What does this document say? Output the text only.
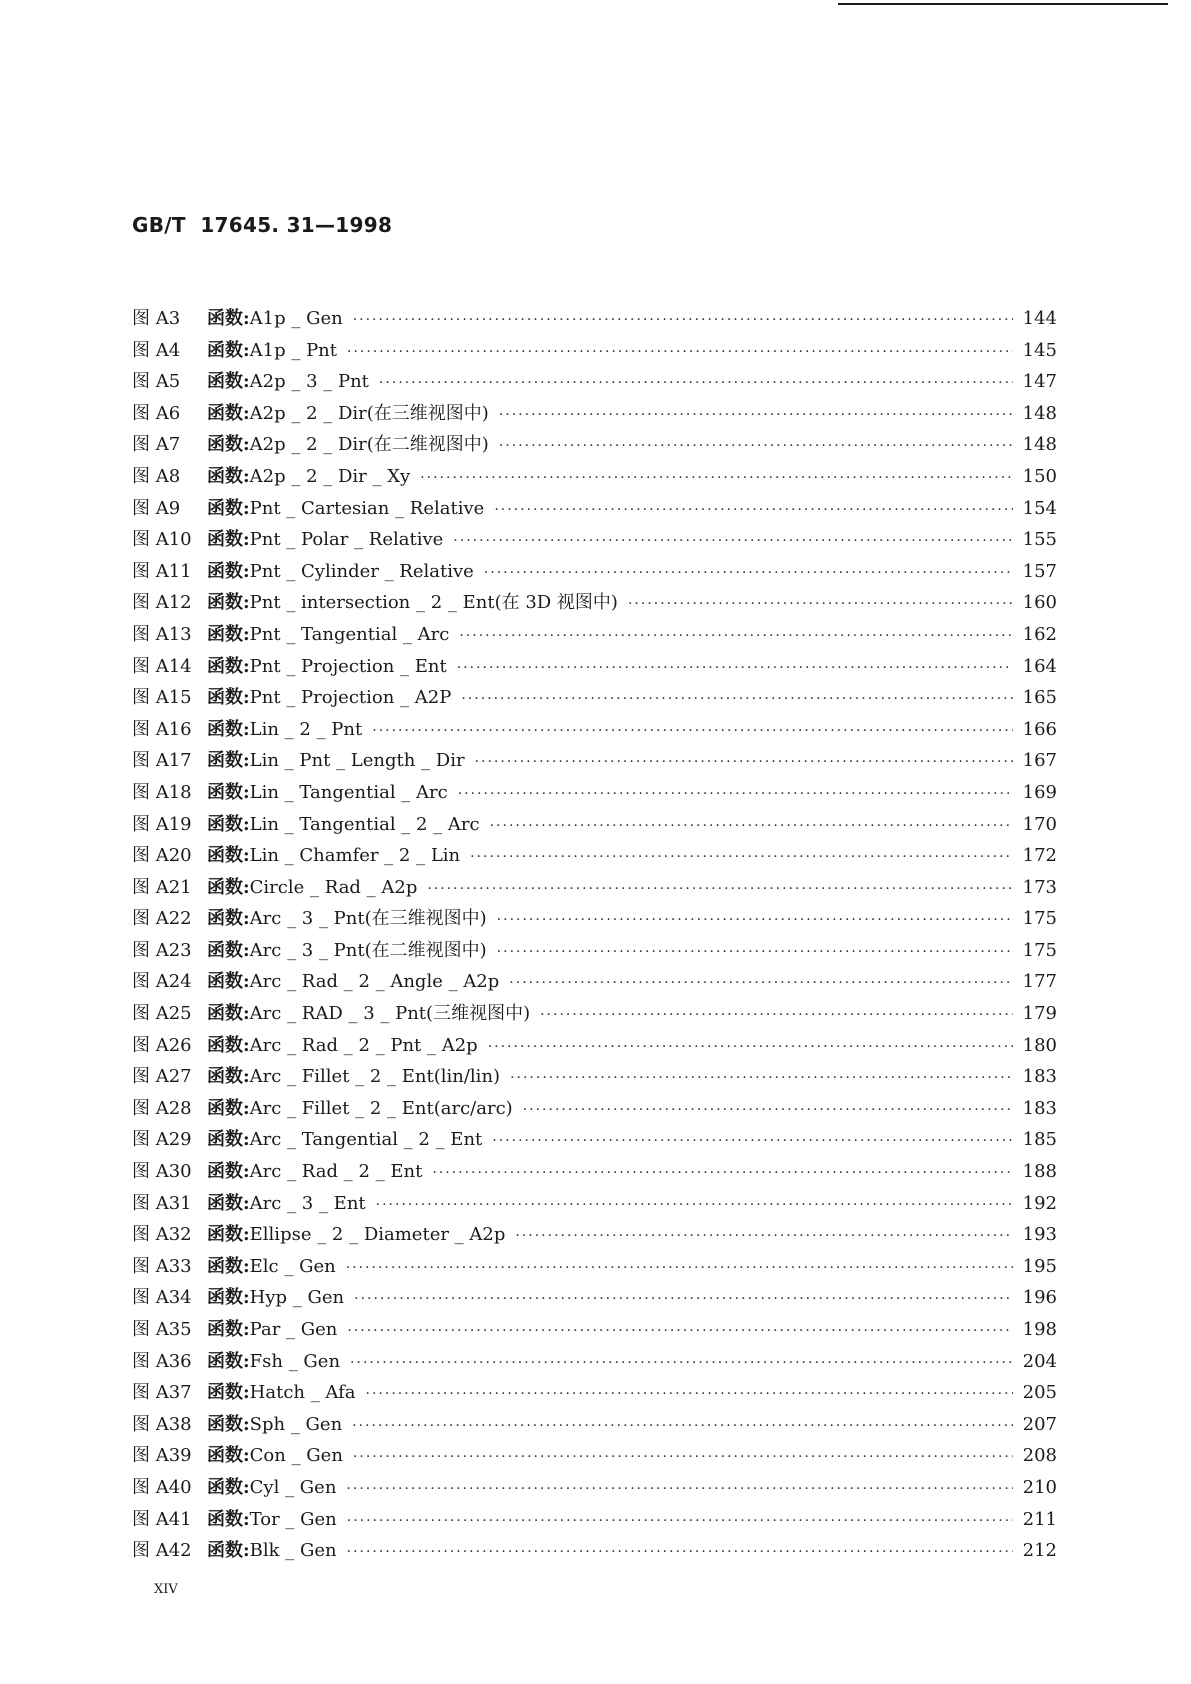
GB/T  17645. 31—1998
图 A3 函数: A1p _ Gen ·····	144
图 A4 函数: A1p _ Pnt ·····	145
图 A5 函数: A2p _ 3 _ Pnt ·····	147
图 A6 函数: A2p _ 2 _ Dir(在三维视图中) ·····	148
图 A7 函数: A2p _ 2 _ Dir(在二维视图中) ·····	148
图 A8 函数: A2p _ 2 _ Dir _ Xy ·····	150
图 A9 函数: Pnt _ Cartesian _ Relative ·····	154
图 A10 函数: Pnt _ Polar _ Relative ·····	155
图 A11 函数: Pnt _ Cylinder _ Relative ·····	157
图 A12 函数: Pnt _ intersection _ 2 _ Ent(在 3D 视图中) ·····	160
图 A13 函数: Pnt _ Tangential _ Arc ·····	162
图 A14 函数: Pnt _ Projection _ Ent ·····	164
图 A15 函数: Pnt _ Projection _ A2P ·····	165
图 A16 函数: Lin _ 2 _ Pnt ·····	166
图 A17 函数: Lin _ Pnt _ Length _ Dir ·····	167
图 A18 函数: Lin _ Tangential _ Arc ·····	169
图 A19 函数: Lin _ Tangential _ 2 _ Arc ·····	170
图 A20 函数: Lin _ Chamfer _ 2 _ Lin ·····	172
图 A21 函数: Circle _ Rad _ A2p ·····	173
图 A22 函数: Arc _ 3 _ Pnt(在三维视图中) ·····	175
图 A23 函数: Arc _ 3 _ Pnt(在二维视图中) ·····	175
图 A24 函数: Arc _ Rad _ 2 _ Angle _ A2p ·····	177
图 A25 函数: Arc _ RAD _ 3 _ Pnt(三维视图中) ·····	179
图 A26 函数: Arc _ Rad _ 2 _ Pnt _ A2p ·····	180
图 A27 函数: Arc _ Fillet _ 2 _ Ent(lin/lin) ·····	183
图 A28 函数: Arc _ Fillet _ 2 _ Ent(arc/arc) ·····	183
图 A29 函数: Arc _ Tangential _ 2 _ Ent ·····	185
图 A30 函数: Arc _ Rad _ 2 _ Ent ·····	188
图 A31 函数: Arc _ 3 _ Ent ·····	192
图 A32 函数: Ellipse _ 2 _ Diameter _ A2p ·····	193
图 A33 函数: Elc _ Gen ·····	195
图 A34 函数: Hyp _ Gen ·····	196
图 A35 函数: Par _ Gen ·····	198
图 A36 函数: Fsh _ Gen ·····	204
图 A37 函数: Hatch _ Afa ·····	205
图 A38 函数: Sph _ Gen ·····	207
图 A39 函数: Con _ Gen ·····	208
图 A40 函数: Cyl _ Gen ·····	210
图 A41 函数: Tor _ Gen ·····	211
图 A42 函数: Blk _ Gen ·····	212
XIV
